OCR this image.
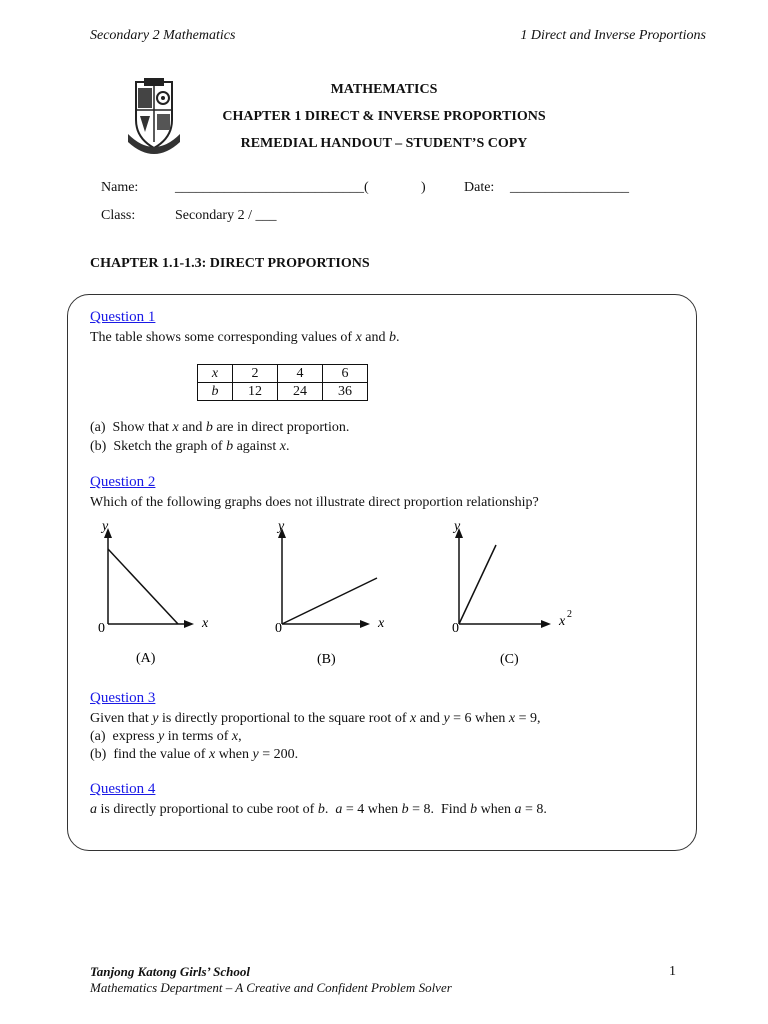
Secondary 2 Mathematics	1 Direct and Inverse Proportions
MATHEMATICS
CHAPTER 1 DIRECT & INVERSE PROPORTIONS
REMEDIAL HANDOUT – STUDENT’S COPY
Name:	___________________________(	)	Date: _________________
Class:	Secondary 2 / ___
CHAPTER 1.1-1.3: DIRECT PROPORTIONS
Question 1
The table shows some corresponding values of x and b.
x	2	4	6
b	12	24	36
(a) Show that x and b are in direct proportion.
(b) Sketch the graph of b against x.
Question 2
Which of the following graphs does not illustrate direct proportion relationship?
y
x
0
(A)
y
x
0
(B)
y
x 2
0
(C)
Question 3
Given that y is directly proportional to the square root of x and y = 6 when x = 9,
(a) express y in terms of x,
(b) find the value of x when y = 200.
Question 4
a is directly proportional to cube root of b.  a = 4 when b = 8.  Find b when a = 8.
Tanjong Katong Girls’ School
Mathematics Department – A Creative and Confident Problem Solver
1
